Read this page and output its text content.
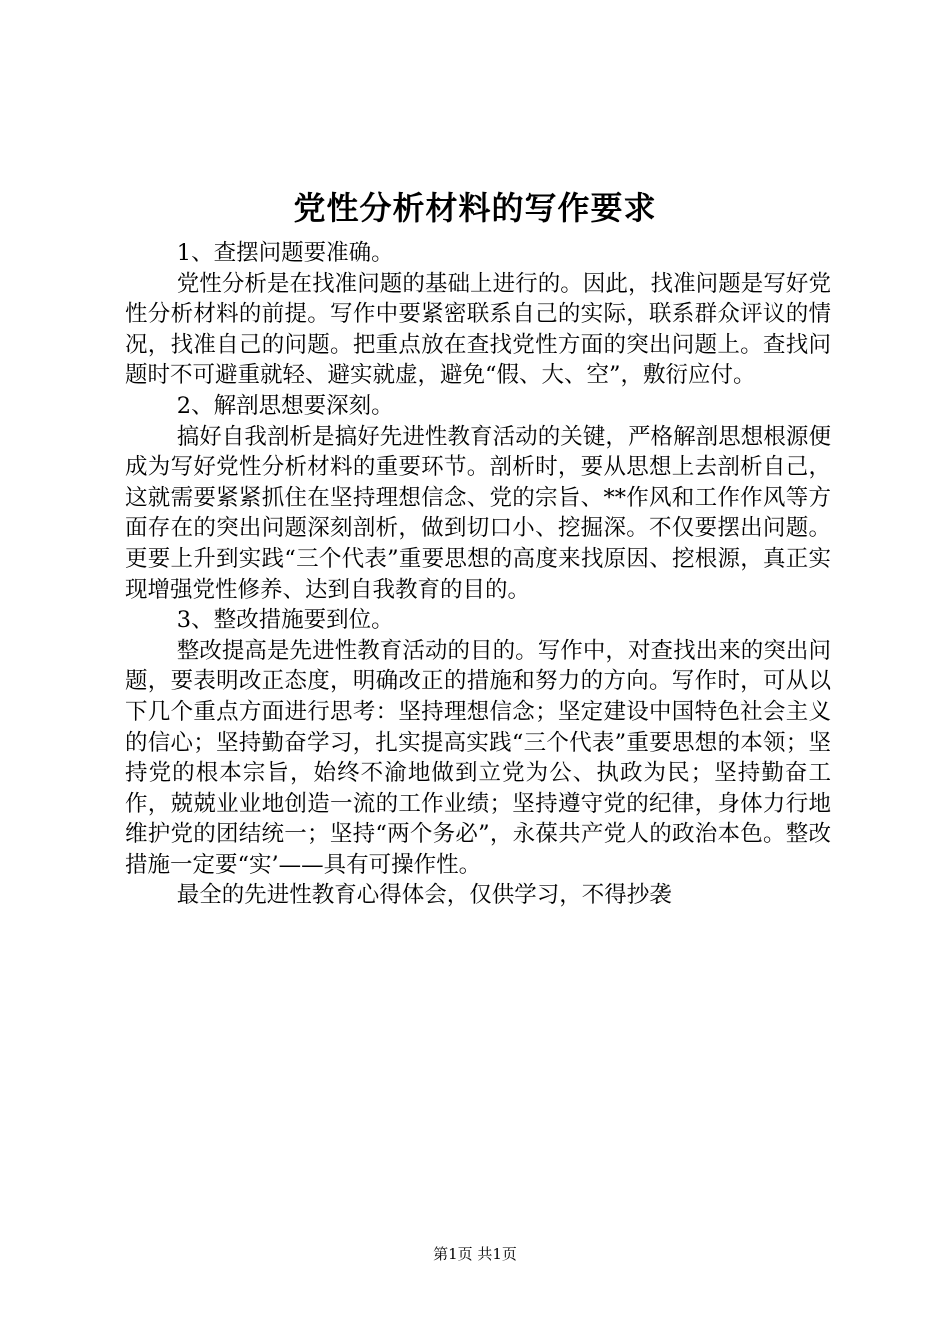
党性分析材料的写作要求

1、查摆问题要准确。

党性分析是在找准问题的基础上进行的。因此，找准问题是写好党性分析材料的前提。写作中要紧密联系自己的实际，联系群众评议的情况，找准自己的问题。把重点放在查找党性方面的突出问题上。查找问题时不可避重就轻、避实就虚，避免“假、大、空”，敷衍应付。

2、解剖思想要深刻。

搞好自我剖析是搞好先进性教育活动的关键，严格解剖思想根源便成为写好党性分析材料的重要环节。剖析时，要从思想上去剖析自己，这就需要紧紧抓住在坚持理想信念、党的宗旨、**作风和工作作风等方面存在的突出问题深刻剖析，做到切口小、挖掘深。不仅要摆出问题。更要上升到实践“三个代表”重要思想的高度来找原因、挖根源，真正实现增强党性修养、达到自我教育的目的。

3、整改措施要到位。

整改提高是先进性教育活动的目的。写作中，对查找出来的突出问题，要表明改正态度，明确改正的措施和努力的方向。写作时，可从以下几个重点方面进行思考：坚持理想信念；坚定建设中国特色社会主义的信心；坚持勤奋学习，扎实提高实践“三个代表”重要思想的本领；坚持党的根本宗旨，始终不渝地做到立党为公、执政为民；坚持勤奋工作，兢兢业业地创造一流的工作业绩；坚持遵守党的纪律，身体力行地维护党的团结统一；坚持“两个务必”，永葆共产党人的政治本色。整改措施一定要“实’——具有可操作性。

最全的先进性教育心得体会，仅供学习，不得抄袭

第1页 共1页
